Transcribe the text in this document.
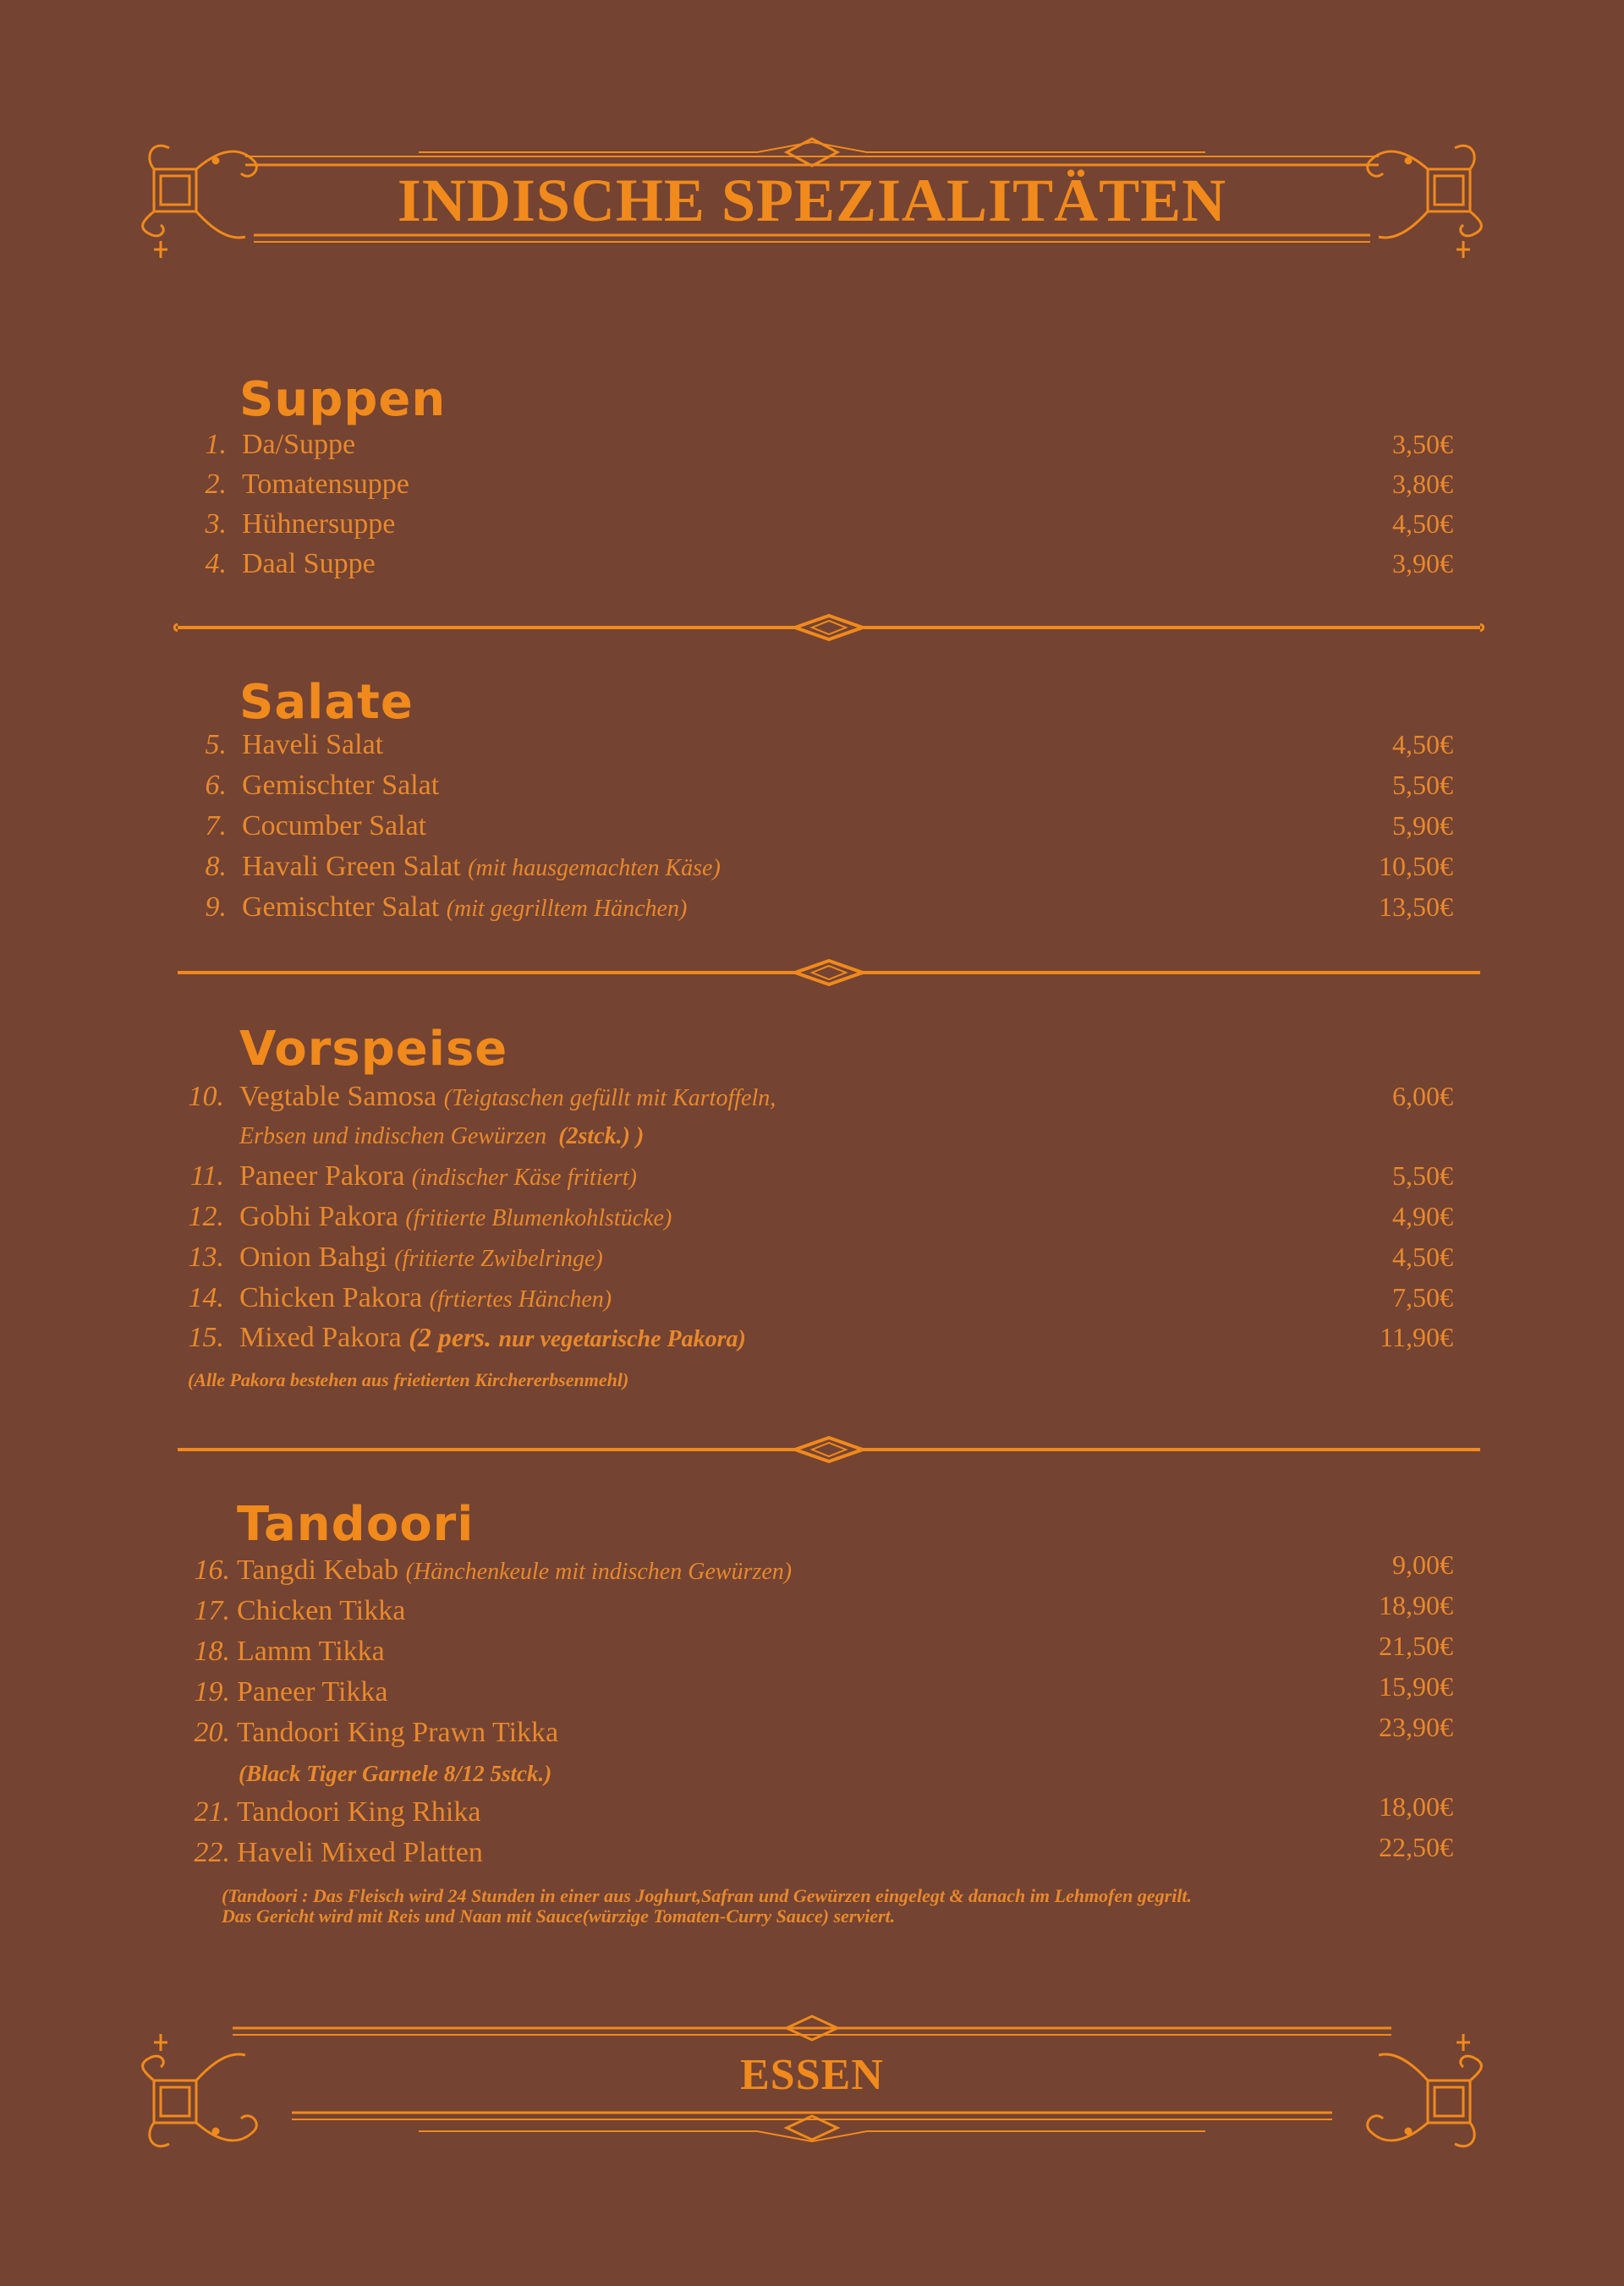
INDISCHE SPEZIALITÄTEN
Suppen
1. Da/Suppe	3,50€
2. Tomatensuppe	3,80€
3. Hühnersuppe	4,50€
4. Daal Suppe	3,90€
Salate
5. Haveli Salat	4,50€
6. Gemischter Salat	5,50€
7. Cocumber Salat	5,90€
8. Havali Green Salat (mit hausgemachten Käse)	10,50€
9. Gemischter Salat (mit gegrilltem Hänchen)	13,50€
Vorspeise
10. Vegtable Samosa (Teigtaschen gefüllt mit Kartoffeln,	6,00€
Erbsen und indischen Gewürzen (2stck.) )
11. Paneer Pakora (indischer Käse fritiert)	5,50€
12. Gobhi Pakora (fritierte Blumenkohlstücke)	4,90€
13. Onion Bahgi (fritierte Zwibelringe)	4,50€
14. Chicken Pakora (frtiertes Hänchen)	7,50€
15. Mixed Pakora (2 pers. nur vegetarische Pakora)	11,90€
(Alle Pakora bestehen aus frietierten Kirchererbsenmehl)
Tandoori
16. Tangdi Kebab (Hänchenkeule mit indischen Gewürzen)	9,00€
17. Chicken Tikka	18,90€
18. Lamm Tikka	21,50€
19. Paneer Tikka	15,90€
20. Tandoori King Prawn Tikka	23,90€
(Black Tiger Garnele 8/12 5stck.)
21. Tandoori King Rhika	18,00€
22. Haveli Mixed Platten	22,50€
(Tandoori : Das Fleisch wird 24 Stunden in einer aus Joghurt,Safran und Gewürzen eingelegt & danach im Lehmofen gegrilt.
Das Gericht wird mit Reis und Naan mit Sauce(würzige Tomaten-Curry Sauce) serviert.
ESSEN
